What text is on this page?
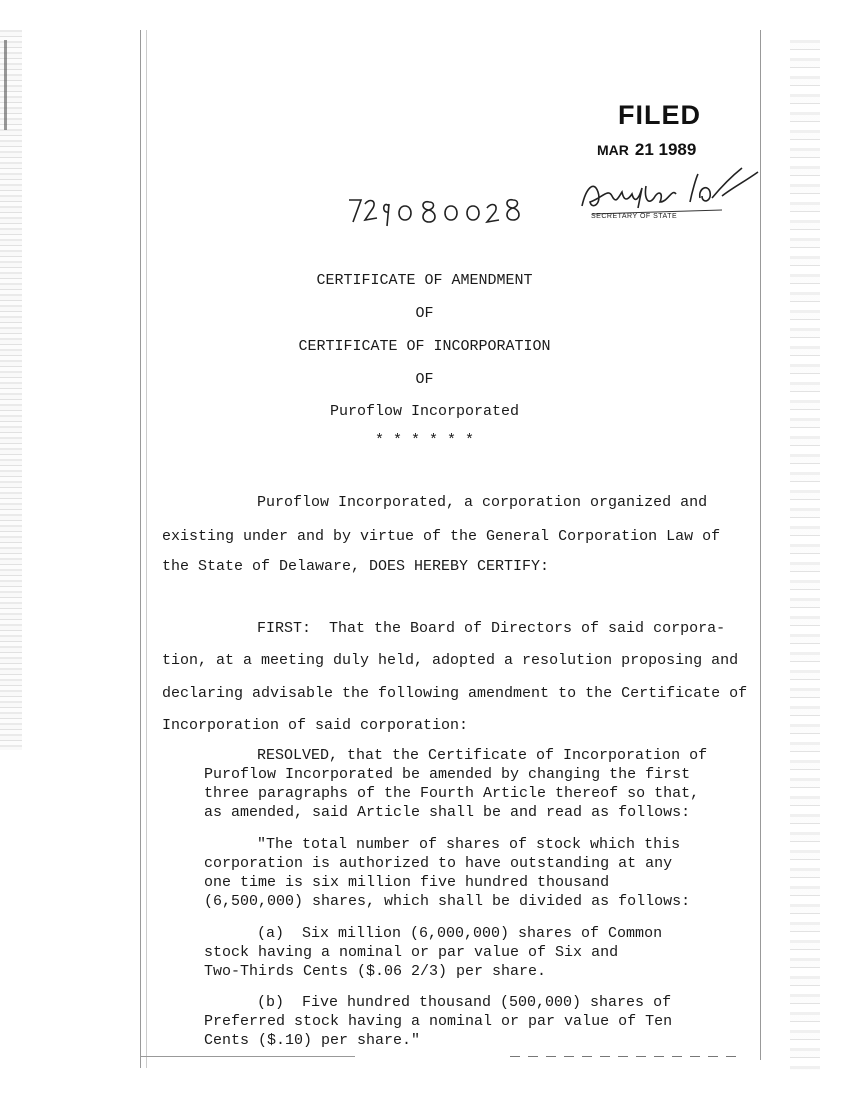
FILED
MAR 21 1989
SECRETARY OF STATE
CERTIFICATE OF AMENDMENT
OF
CERTIFICATE OF INCORPORATION
OF
Puroflow Incorporated
* * * * * *
Puroflow Incorporated, a corporation organized and
existing under and by virtue of the General Corporation Law of
the State of Delaware, DOES HEREBY CERTIFY:
FIRST:  That the Board of Directors of said corpora-
tion, at a meeting duly held, adopted a resolution proposing and
declaring advisable the following amendment to the Certificate of
Incorporation of said corporation:
RESOLVED, that the Certificate of Incorporation of
Puroflow Incorporated be amended by changing the first
three paragraphs of the Fourth Article thereof so that,
as amended, said Article shall be and read as follows:
"The total number of shares of stock which this
corporation is authorized to have outstanding at any
one time is six million five hundred thousand
(6,500,000) shares, which shall be divided as follows:
(a)  Six million (6,000,000) shares of Common
stock having a nominal or par value of Six and
Two-Thirds Cents ($.06 2/3) per share.
(b)  Five hundred thousand (500,000) shares of
Preferred stock having a nominal or par value of Ten
Cents ($.10) per share."
